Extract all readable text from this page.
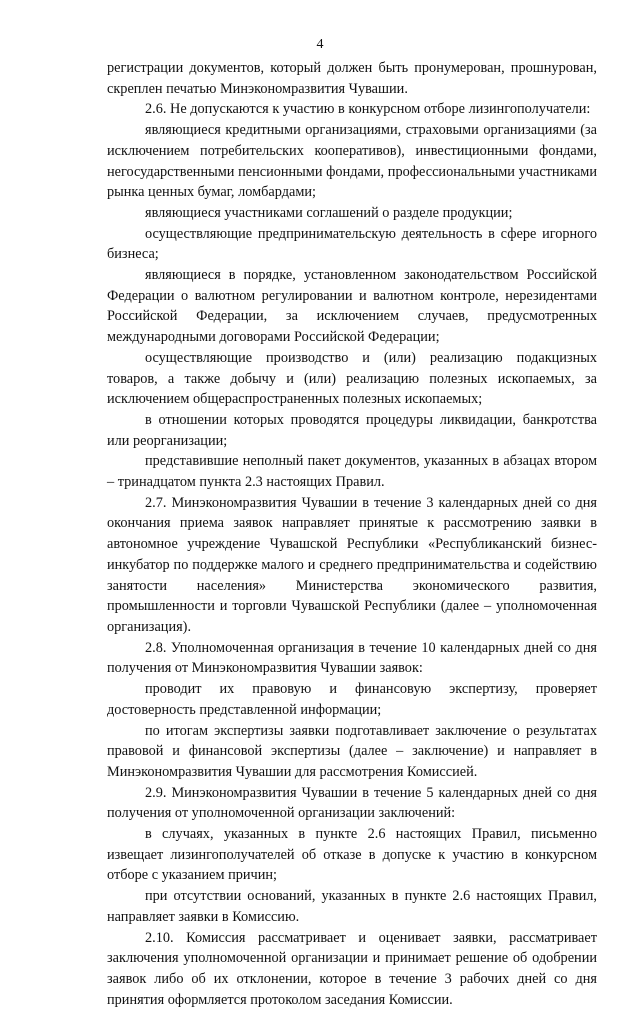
4

регистрации документов, который должен быть пронумерован, прошнурован, скреплен печатью Минэкономразвития Чувашии.

2.6. Не допускаются к участию в конкурсном отборе лизингополучатели:

являющиеся кредитными организациями, страховыми организациями (за исключением потребительских кооперативов), инвестиционными фондами, негосударственными пенсионными фондами, профессиональными участниками рынка ценных бумаг, ломбардами;

являющиеся участниками соглашений о разделе продукции;

осуществляющие предпринимательскую деятельность в сфере игорного бизнеса;

являющиеся в порядке, установленном законодательством Российской Федерации о валютном регулировании и валютном контроле, нерезидентами Российской Федерации, за исключением случаев, предусмотренных международными договорами Российской Федерации;

осуществляющие производство и (или) реализацию подакцизных товаров, а также добычу и (или) реализацию полезных ископаемых, за исключением общераспространенных полезных ископаемых;

в отношении которых проводятся процедуры ликвидации, банкротства или реорганизации;

представившие неполный пакет документов, указанных в абзацах втором – тринадцатом пункта 2.3 настоящих Правил.

2.7. Минэкономразвития Чувашии в течение 3 календарных дней со дня окончания приема заявок направляет принятые к рассмотрению заявки в автономное учреждение Чувашской Республики «Республиканский бизнес-инкубатор по поддержке малого и среднего предпринимательства и содействию занятости населения» Министерства экономического развития, промышленности и торговли Чувашской Республики (далее – уполномоченная организация).

2.8. Уполномоченная организация в течение 10 календарных дней со дня получения от Минэкономразвития Чувашии заявок:

проводит их правовую и финансовую экспертизу, проверяет достоверность представленной информации;

по итогам экспертизы заявки подготавливает заключение о результатах правовой и финансовой экспертизы (далее – заключение) и направляет в Минэкономразвития Чувашии для рассмотрения Комиссией.

2.9. Минэкономразвития Чувашии в течение 5 календарных дней со дня получения от уполномоченной организации заключений:

в случаях, указанных в пункте 2.6 настоящих Правил, письменно извещает лизингополучателей об отказе в допуске к участию в конкурсном отборе с указанием причин;

при отсутствии оснований, указанных в пункте 2.6 настоящих Правил, направляет заявки в Комиссию.

2.10. Комиссия рассматривает и оценивает заявки, рассматривает заключения уполномоченной организации и принимает решение об одобрении заявок либо об их отклонении, которое в течение 3 рабочих дней со дня принятия оформляется протоколом заседания Комиссии.
